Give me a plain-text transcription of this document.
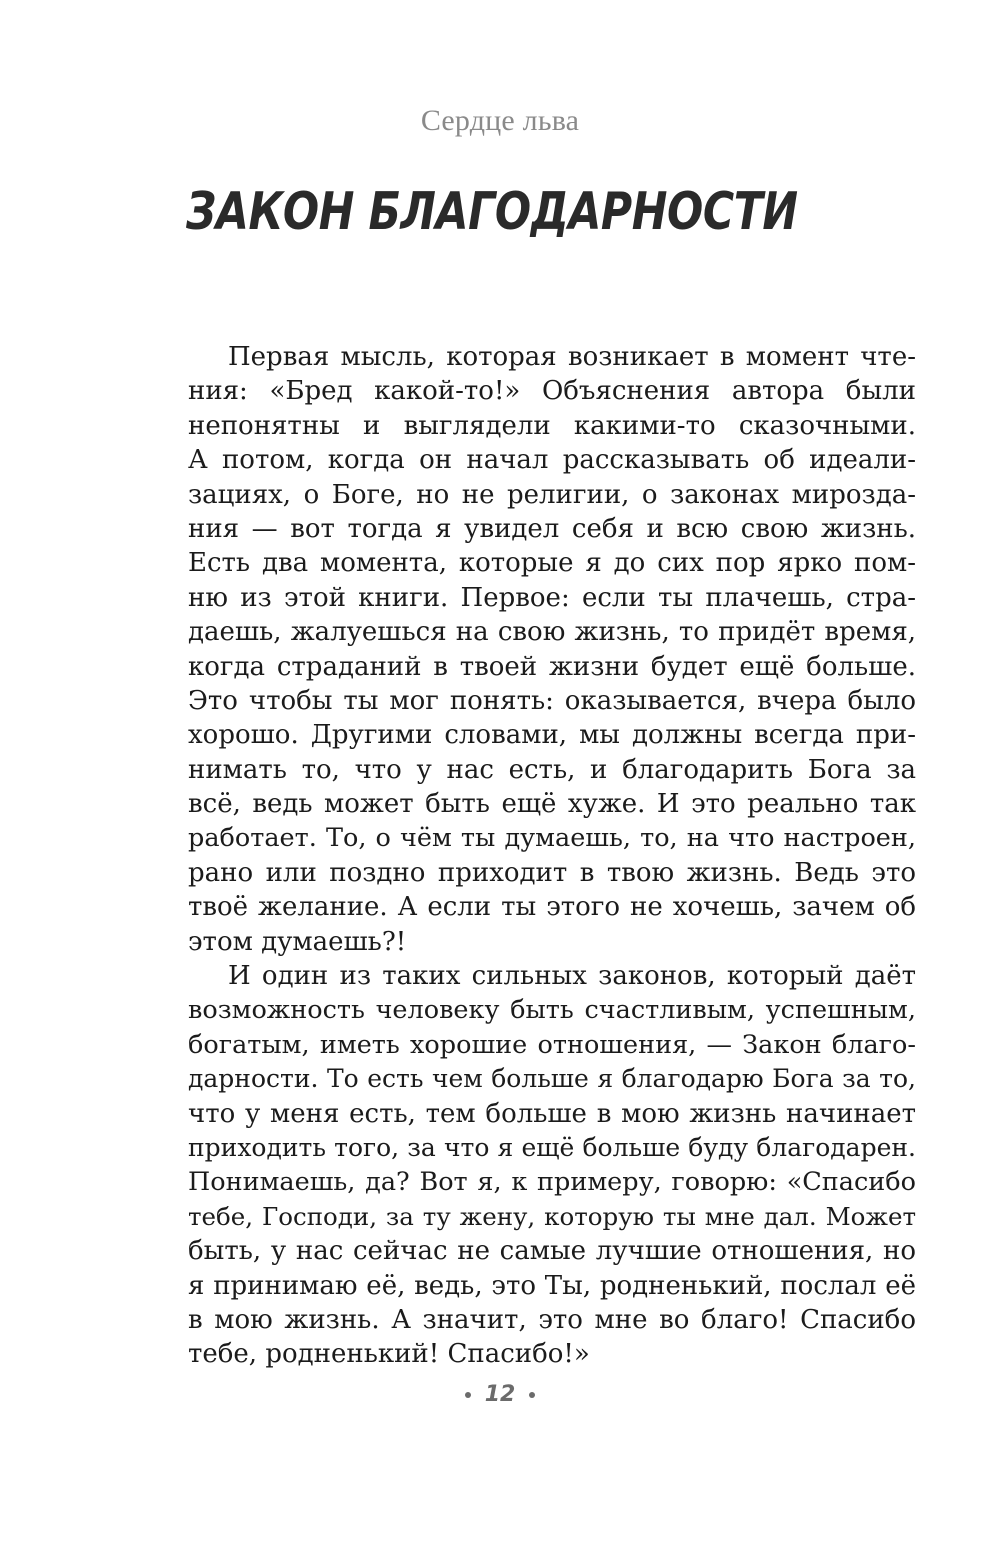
Сердце льва
ЗАКОН БЛАГОДАРНОСТИ
Первая мысль, которая возникает в момент чте-
ния: «Бред какой-то!» Объяснения автора были
непонятны и выглядели какими-то сказочными.
А потом, когда он начал рассказывать об идеали-
зациях, о Боге, но не религии, о законах мирозда-
ния — вот тогда я увидел себя и всю свою жизнь.
Есть два момента, которые я до сих пор ярко пом-
ню из этой книги. Первое: если ты плачешь, стра-
даешь, жалуешься на свою жизнь, то придёт время,
когда страданий в твоей жизни будет ещё больше.
Это чтобы ты мог понять: оказывается, вчера было
хорошо. Другими словами, мы должны всегда при-
нимать то, что у нас есть, и благодарить Бога за
всё, ведь может быть ещё хуже. И это реально так
работает. То, о чём ты думаешь, то, на что настроен,
рано или поздно приходит в твою жизнь. Ведь это
твоё желание. А если ты этого не хочешь, зачем об
этом думаешь?!
И один из таких сильных законов, который даёт
возможность человеку быть счастливым, успешным,
богатым, иметь хорошие отношения, — Закон благо-
дарности. То есть чем больше я благодарю Бога за то,
что у меня есть, тем больше в мою жизнь начинает
приходить того, за что я ещё больше буду благодарен.
Понимаешь, да? Вот я, к примеру, говорю: «Спасибо
тебе, Господи, за ту жену, которую ты мне дал. Может
быть, у нас сейчас не самые лучшие отношения, но
я принимаю её, ведь, это Ты, родненький, послал её
в мою жизнь. А значит, это мне во благо! Спасибо
тебе, родненький! Спасибо!»
12
